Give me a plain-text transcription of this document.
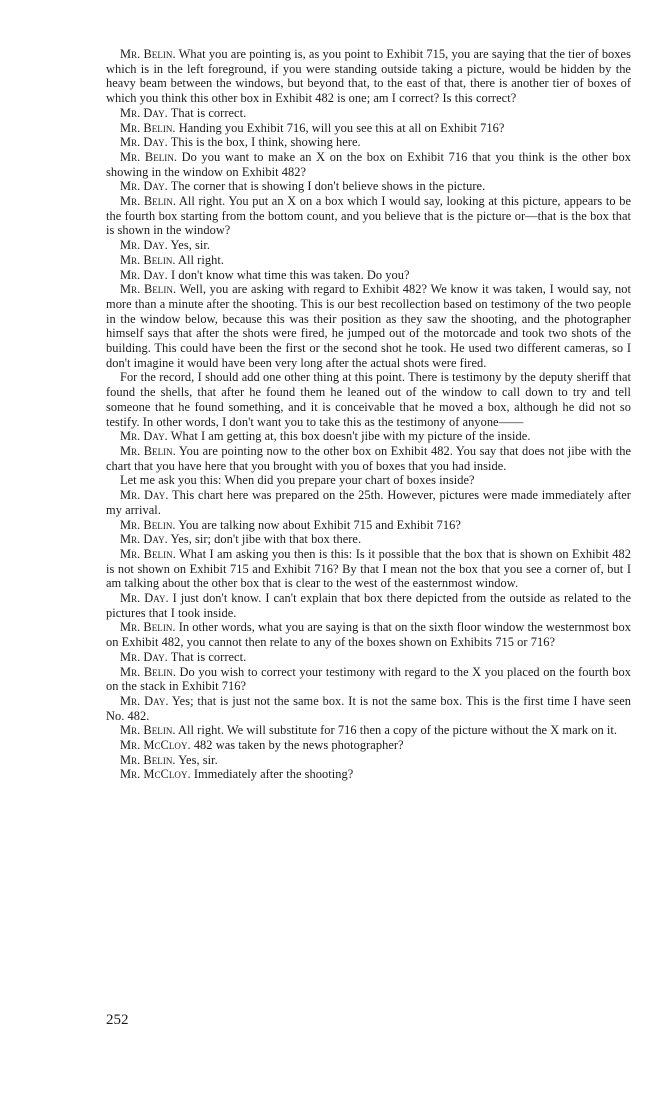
Mr. Belin. What you are pointing is, as you point to Exhibit 715, you are saying that the tier of boxes which is in the left foreground, if you were standing outside taking a picture, would be hidden by the heavy beam between the windows, but beyond that, to the east of that, there is another tier of boxes of which you think this other box in Exhibit 482 is one; am I correct? Is this correct?

Mr. Day. That is correct.

Mr. Belin. Handing you Exhibit 716, will you see this at all on Exhibit 716?

Mr. Day. This is the box, I think, showing here.

Mr. Belin. Do you want to make an X on the box on Exhibit 716 that you think is the other box showing in the window on Exhibit 482?

Mr. Day. The corner that is showing I don't believe shows in the picture.

Mr. Belin. All right. You put an X on a box which I would say, looking at this picture, appears to be the fourth box starting from the bottom count, and you believe that is the picture or—that is the box that is shown in the window?

Mr. Day. Yes, sir.

Mr. Belin. All right.

Mr. Day. I don't know what time this was taken. Do you?

Mr. Belin. Well, you are asking with regard to Exhibit 482? We know it was taken, I would say, not more than a minute after the shooting. This is our best recollection based on testimony of the two people in the window below, because this was their position as they saw the shooting, and the photographer himself says that after the shots were fired, he jumped out of the motorcade and took two shots of the building. This could have been the first or the second shot he took. He used two different cameras, so I don't imagine it would have been very long after the actual shots were fired.

For the record, I should add one other thing at this point. There is testimony by the deputy sheriff that found the shells, that after he found them he leaned out of the window to call down to try and tell someone that he found something, and it is conceivable that he moved a box, although he did not so testify. In other words, I don't want you to take this as the testimony of anyone——

Mr. Day. What I am getting at, this box doesn't jibe with my picture of the inside.

Mr. Belin. You are pointing now to the other box on Exhibit 482. You say that does not jibe with the chart that you have here that you brought with you of boxes that you had inside.

Let me ask you this: When did you prepare your chart of boxes inside?

Mr. Day. This chart here was prepared on the 25th. However, pictures were made immediately after my arrival.

Mr. Belin. You are talking now about Exhibit 715 and Exhibit 716?

Mr. Day. Yes, sir; don't jibe with that box there.

Mr. Belin. What I am asking you then is this: Is it possible that the box that is shown on Exhibit 482 is not shown on Exhibit 715 and Exhibit 716? By that I mean not the box that you see a corner of, but I am talking about the other box that is clear to the west of the easternmost window.

Mr. Day. I just don't know. I can't explain that box there depicted from the outside as related to the pictures that I took inside.

Mr. Belin. In other words, what you are saying is that on the sixth floor window the westernmost box on Exhibit 482, you cannot then relate to any of the boxes shown on Exhibits 715 or 716?

Mr. Day. That is correct.

Mr. Belin. Do you wish to correct your testimony with regard to the X you placed on the fourth box on the stack in Exhibit 716?

Mr. Day. Yes; that is just not the same box. It is not the same box. This is the first time I have seen No. 482.

Mr. Belin. All right. We will substitute for 716 then a copy of the picture without the X mark on it.

Mr. McCloy. 482 was taken by the news photographer?

Mr. Belin. Yes, sir.

Mr. McCloy. Immediately after the shooting?

252
